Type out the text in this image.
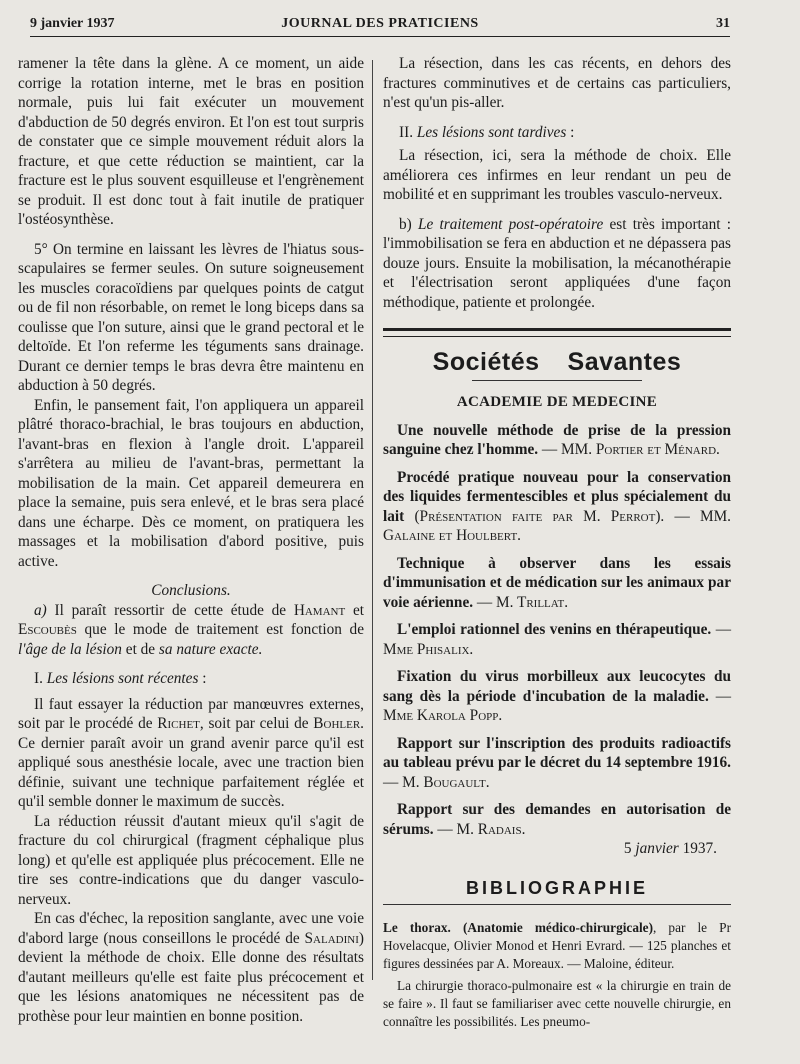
9 janvier 1937	JOURNAL DES PRATICIENS	31

ramener la tête dans la glène. A ce moment, un aide corrige la rotation interne, met le bras en position normale, puis lui fait exécuter un mouvement d'abduction de 50 degrés environ. Et l'on est tout surpris de constater que ce simple mouvement réduit alors la fracture, et que cette réduction se maintient, car la fracture est le plus souvent esquilleuse et l'engrènement se produit. Il est donc tout à fait inutile de pratiquer l'ostéosynthèse.

5° On termine en laissant les lèvres de l'hiatus sous-scapulaires se fermer seules. On suture soigneusement les muscles coracoïdiens par quelques points de catgut ou de fil non résorbable, on remet le long biceps dans sa coulisse que l'on suture, ainsi que le grand pectoral et le deltoïde. Et l'on referme les téguments sans drainage. Durant ce dernier temps le bras devra être maintenu en abduction à 50 degrés.

Enfin, le pansement fait, l'on appliquera un appareil plâtré thoraco-brachial, le bras toujours en abduction, l'avant-bras en flexion à l'angle droit. L'appareil s'arrêtera au milieu de l'avant-bras, permettant la mobilisation de la main. Cet appareil demeurera en place la semaine, puis sera enlevé, et le bras sera placé dans une écharpe. Dès ce moment, on pratiquera les massages et la mobilisation d'abord positive, puis active.

Conclusions.

a) Il paraît ressortir de cette étude de Hamant et Escoubès que le mode de traitement est fonction de l'âge de la lésion et de sa nature exacte.

I. Les lésions sont récentes :

Il faut essayer la réduction par manœuvres externes, soit par le procédé de Richet, soit par celui de Bohler. Ce dernier paraît avoir un grand avenir parce qu'il est appliqué sous anesthésie locale, avec une traction bien définie, suivant une technique parfaitement réglée et qu'il semble donner le maximum de succès.

La réduction réussit d'autant mieux qu'il s'agit de fracture du col chirurgical (fragment céphalique plus long) et qu'elle est appliquée plus précocement. Elle ne tire ses contre-indications que du danger vasculo-nerveux.

En cas d'échec, la reposition sanglante, avec une voie d'abord large (nous conseillons le procédé de Saladini) devient la méthode de choix. Elle donne des résultats d'autant meilleurs qu'elle est faite plus précocement et que les lésions anatomiques ne nécessitent pas de prothèse pour leur maintien en bonne position.

La résection, dans les cas récents, en dehors des fractures comminutives et de certains cas particuliers, n'est qu'un pis-aller.

II. Les lésions sont tardives :

La résection, ici, sera la méthode de choix. Elle améliorera ces infirmes en leur rendant un peu de mobilité et en supprimant les troubles vasculo-nerveux.

b) Le traitement post-opératoire est très important : l'immobilisation se fera en abduction et ne dépassera pas douze jours. Ensuite la mobilisation, la mécanothérapie et l'électrisation seront appliquées d'une façon méthodique, patiente et prolongée.

Sociétés Savantes
ACADEMIE DE MEDECINE

Une nouvelle méthode de prise de la pression sanguine chez l'homme. — MM. Portier et Ménard.

Procédé pratique nouveau pour la conservation des liquides fermentescibles et plus spécialement du lait (Présentation faite par M. Perrot). — MM. Galaine et Houlbert.

Technique à observer dans les essais d'immunisation et de médication sur les animaux par voie aérienne. — M. Trillat.

L'emploi rationnel des venins en thérapeutique. — Mme Phisalix.

Fixation du virus morbilleux aux leucocytes du sang dès la période d'incubation de la maladie. — Mme Karola Popp.

Rapport sur l'inscription des produits radioactifs au tableau prévu par le décret du 14 septembre 1916. — M. Bougault.

Rapport sur des demandes en autorisation de sérums. — M. Radais.

5 janvier 1937.

BIBLIOGRAPHIE

Le thorax. (Anatomie médico-chirurgicale), par le Pr Hovelacque, Olivier Monod et Henri Evrard. — 125 planches et figures dessinées par A. Moreaux. — Maloine, éditeur.

La chirurgie thoraco-pulmonaire est « la chirurgie en train de se faire ». Il faut se familiariser avec cette nouvelle chirurgie, en connaître les possibilités. Les pneumo-
